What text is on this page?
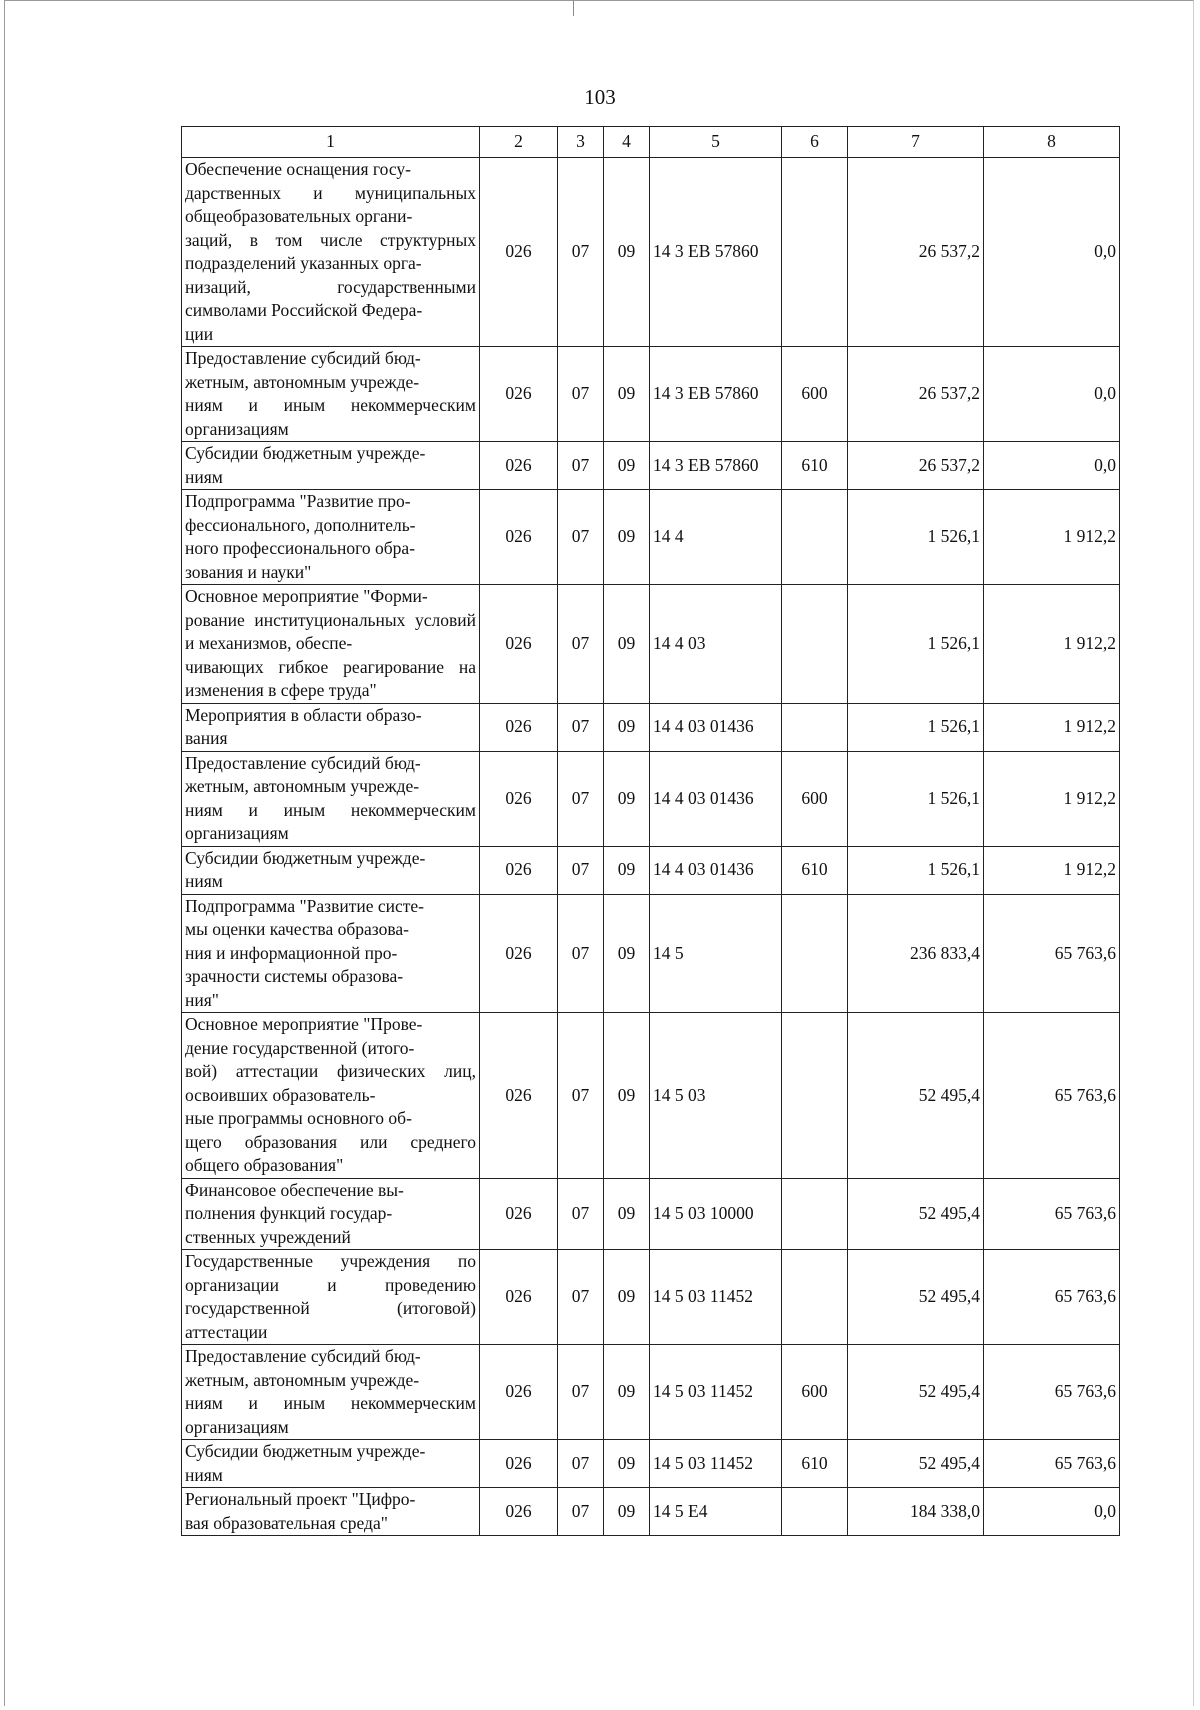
103
1	2	3	4	5	6	7	8
Обеспечение оснащения госу-
дарственных и муниципальных общеобразовательных органи-
заций, в том числе структурных подразделений указанных орга-
низаций, государственными символами Российской Федера-
ции	026	07	09	14 3 EB 57860		26 537,2	0,0
Предоставление субсидий бюд-
жетным, автономным учрежде-
ниям и иным некоммерческим организациям	026	07	09	14 3 EB 57860	600	26 537,2	0,0
Субсидии бюджетным учрежде-
ниям	026	07	09	14 3 EB 57860	610	26 537,2	0,0
Подпрограмма "Развитие про-
фессионального, дополнитель-
ного профессионального обра-
зования и науки"	026	07	09	14 4		1 526,1	1 912,2
Основное мероприятие "Форми-
рование институциональных условий и механизмов, обеспе-
чивающих гибкое реагирование на изменения в сфере труда"	026	07	09	14 4 03		1 526,1	1 912,2
Мероприятия в области образо-
вания	026	07	09	14 4 03 01436		1 526,1	1 912,2
Предоставление субсидий бюд-
жетным, автономным учрежде-
ниям и иным некоммерческим организациям	026	07	09	14 4 03 01436	600	1 526,1	1 912,2
Субсидии бюджетным учрежде-
ниям	026	07	09	14 4 03 01436	610	1 526,1	1 912,2
Подпрограмма "Развитие систе-
мы оценки качества образова-
ния и информационной про-
зрачности системы образова-
ния"	026	07	09	14 5		236 833,4	65 763,6
Основное мероприятие "Прове-
дение государственной (итого-
вой) аттестации физических лиц, освоивших образователь-
ные программы основного об-
щего образования или среднего общего образования"	026	07	09	14 5 03		52 495,4	65 763,6
Финансовое обеспечение вы-
полнения функций государ-
ственных учреждений	026	07	09	14 5 03 10000		52 495,4	65 763,6
Государственные учреждения по организации и проведению государственной (итоговой) аттестации	026	07	09	14 5 03 11452		52 495,4	65 763,6
Предоставление субсидий бюд-
жетным, автономным учрежде-
ниям и иным некоммерческим организациям	026	07	09	14 5 03 11452	600	52 495,4	65 763,6
Субсидии бюджетным учрежде-
ниям	026	07	09	14 5 03 11452	610	52 495,4	65 763,6
Региональный проект "Цифро-
вая образовательная среда"	026	07	09	14 5 E4		184 338,0	0,0
